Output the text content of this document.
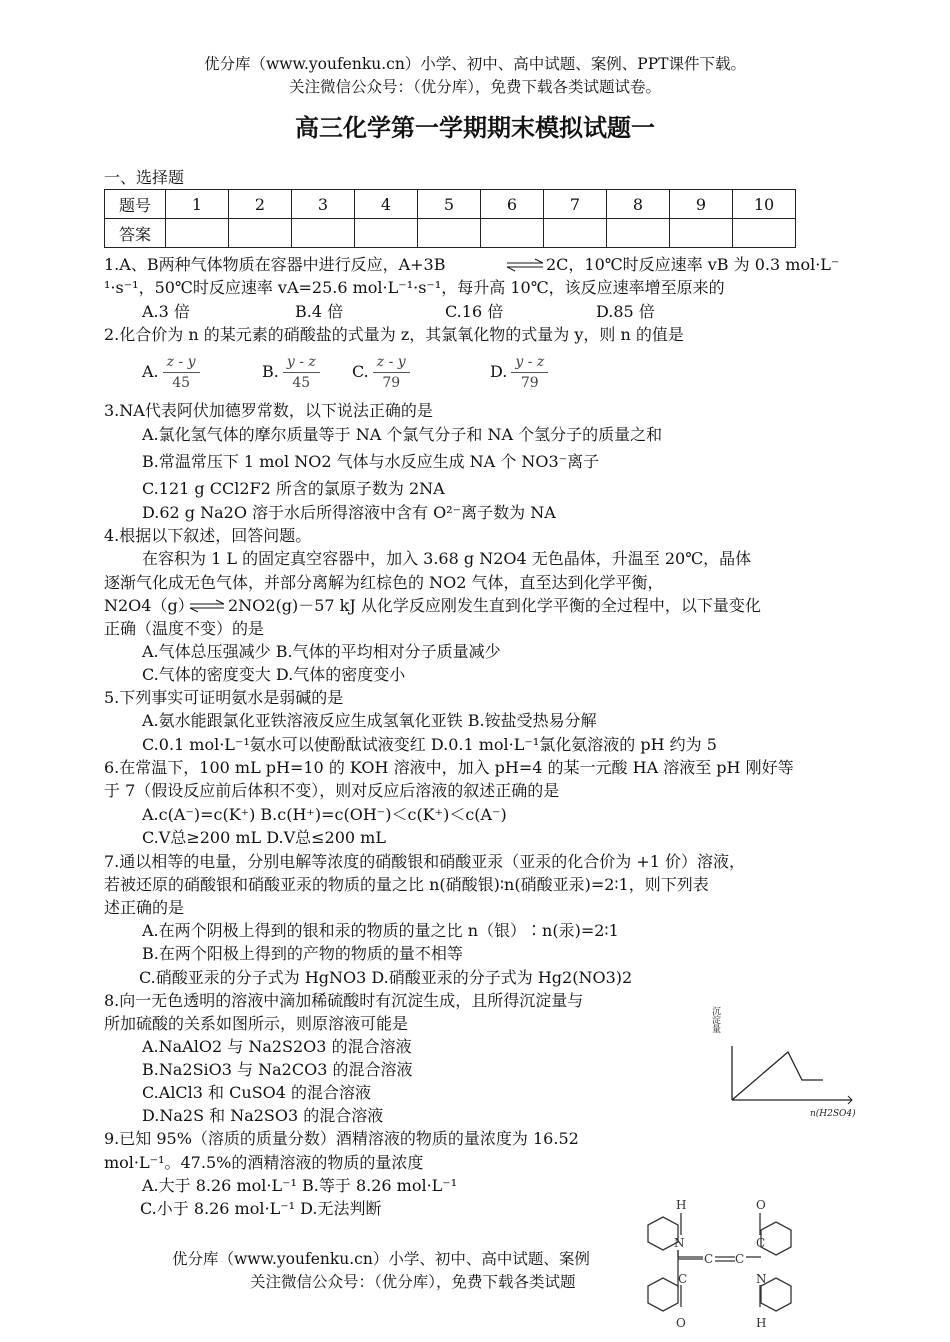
优分库（www.youfenku.cn）小学、初中、高中试题、案例、PPT课件下载。
关注微信公众号：（优分库），免费下载各类试题试卷。
高三化学第一学期期末模拟试题一
一、选择题
题号	1	2	3	4	5	6	7	8	9	10
答案										
1.A、B两种气体物质在容器中进行反应，A+3B	⇌ 2C，10℃时反应速率 vB 为 0.3 mol·L⁻
¹·s⁻¹，50℃时反应速率 vA=25.6 mol·L⁻¹·s⁻¹，每升高 10℃，该反应速率增至原来的
A.3 倍	B.4 倍	C.16 倍	D.85 倍
2.化合价为 n 的某元素的硝酸盐的式量为 z，其氯氧化物的式量为 y，则 n 的值是
A. $\frac{z - y}{45}$	B. $\frac{y - z}{45} C$. $\frac{z - y}{79}$	D. $\frac{y - z}{79}$
3.NA代表阿伏加德罗常数，以下说法正确的是
A.氯化氢气体的摩尔质量等于 NA 个氯气分子和 NA 个氢分子的质量之和
B.常温常压下 1 mol NO2 气体与水反应生成 NA 个 NO3⁻离子
C.121 g CCl2F2 所含的氯原子数为 2NA
D.62 g Na2O 溶于水后所得溶液中含有 O²⁻离子数为 NA
4.根据以下叙述，回答问题。
在容积为 1 L 的固定真空容器中，加入 3.68 g N2O4 无色晶体，升温至 20℃，晶体
逐渐气化成无色气体，并部分离解为红棕色的 NO2 气体，直至达到化学平衡，
N2O4（g） ⇌ 2NO2(g)－57 kJ 从化学反应刚发生直到化学平衡的全过程中，以下量变化
正确（温度不变）的是
A.气体总压强减少 B.气体的平均相对分子质量减少
C.气体的密度变大 D.气体的密度变小
5.下列事实可证明氨水是弱碱的是
A.氨水能跟氯化亚铁溶液反应生成氢氧化亚铁 B.铵盐受热易分解
C.0.1 mol·L⁻¹氨水可以使酚酞试液变红 D.0.1 mol·L⁻¹氯化氨溶液的 pH 约为 5
6.在常温下，100 mL pH=10 的 KOH 溶液中，加入 pH=4 的某一元酸 HA 溶液至 pH 刚好等
于 7（假设反应前后体积不变），则对反应后溶液的叙述正确的是
A.c(A⁻)=c(K⁺) B.c(H⁺)=c(OH⁻)＜c(K⁺)＜c(A⁻)
C.V总≥200 mL D.V总≤200 mL
7.通以相等的电量，分别电解等浓度的硝酸银和硝酸亚汞（亚汞的化合价为 +1 价）溶液，
若被还原的硝酸银和硝酸亚汞的物质的量之比 n(硝酸银)∶n(硝酸亚汞)=2∶1，则下列表
述正确的是
A.在两个阴极上得到的银和汞的物质的量之比 n（银）∶n(汞)=2∶1
B.在两个阳极上得到的产物的物质的量不相等
C.硝酸亚汞的分子式为 HgNO3 D.硝酸亚汞的分子式为 Hg2(NO3)2
8.向一无色透明的溶液中滴加稀硫酸时有沉淀生成，且所得沉淀量与
所加硫酸的关系如图所示，则原溶液可能是
A.NaAlO2 与 Na2S2O3 的混合溶液
B.Na2SiO3 与 Na2CO3 的混合溶液
C.AlCl3 和 CuSO4 的混合溶液
D.Na2S 和 Na2SO3 的混合溶液
沉淀量
n(H2SO4)
9.已知 95%（溶质的质量分数）酒精溶液的物质的量浓度为 16.52
mol·L⁻¹。47.5%的酒精溶液的物质的量浓度
A.大于 8.26 mol·L⁻¹ B.等于 8.26 mol·L⁻¹
C.小于 8.26 mol·L⁻¹ D.无法判断	H
N
C C
C
C
N
H
O
O
优分库（www.youfenku.cn）小学、初中、高中试题、案例
关注微信公众号：（优分库），免费下载各类试题
